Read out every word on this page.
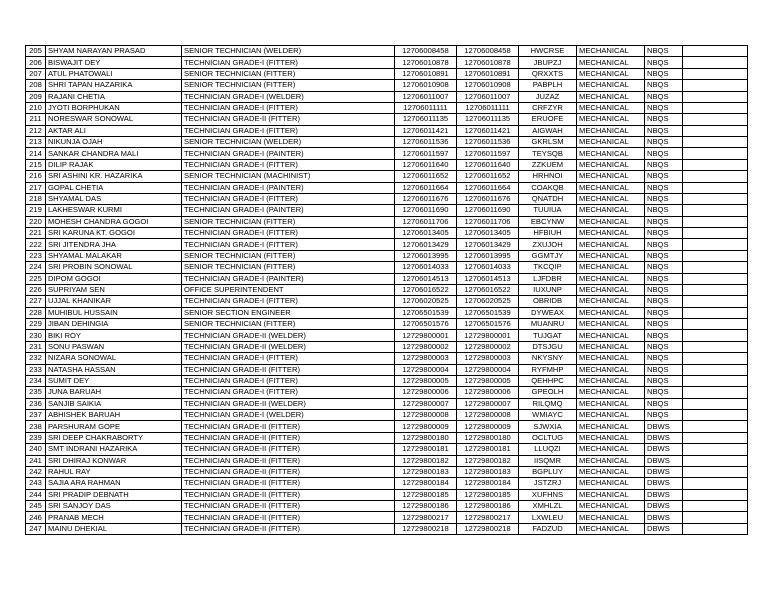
205	SHYAM NARAYAN PRASAD	SENIOR TECHNICIAN (WELDER)	12706008458	12706008458	HWCRSE	MECHANICAL	NBQS	
206	BISWAJIT DEY	TECHNICIAN GRADE-I (FITTER)	12706010878	12706010878	JBUPZJ	MECHANICAL	NBQS	
207	ATUL PHATOWALI	SENIOR TECHNICIAN (FITTER)	12706010891	12706010891	QRXXTS	MECHANICAL	NBQS	
208	SHRI TAPAN HAZARIKA	SENIOR TECHNICIAN (FITTER)	12706010908	12706010908	PABPLH	MECHANICAL	NBQS	
209	RAJANI CHETIA	TECHNICIAN GRADE-I (WELDER)	12706011007	12706011007	JUZAZ	MECHANICAL	NBQS	
210	JYOTI BORPHUKAN	TECHNICIAN GRADE-I (FITTER)	12706011111	12706011111	CRFZYR	MECHANICAL	NBQS	
211	NORESWAR SONOWAL	TECHNICIAN GRADE-II (FITTER)	12706011135	12706011135	ERUOFE	MECHANICAL	NBQS	
212	AKTAR ALI	TECHNICIAN GRADE-I (FITTER)	12706011421	12706011421	AIGWAH	MECHANICAL	NBQS	
213	NIKUNJA OJAH	SENIOR TECHNICIAN (WELDER)	12706011536	12706011536	GKRLSM	MECHANICAL	NBQS	
214	SANKAR CHANDRA MALI	TECHNICIAN GRADE-I (PAINTER)	12706011597	12706011597	TEYSQB	MECHANICAL	NBQS	
215	DILIP RAJAK	TECHNICIAN GRADE-I (FITTER)	12706011640	12706011640	ZZKUEM	MECHANICAL	NBQS	
216	SRI ASHINI KR. HAZARIKA	SENIOR TECHNICIAN (MACHINIST)	12706011652	12706011652	HRHNOI	MECHANICAL	NBQS	
217	GOPAL CHETIA	TECHNICIAN GRADE-I (PAINTER)	12706011664	12706011664	COAKQB	MECHANICAL	NBQS	
218	SHYAMAL DAS	TECHNICIAN GRADE-I (FITTER)	12706011676	12706011676	QNATDH	MECHANICAL	NBQS	
219	LAKHESWAR KURMI	TECHNICIAN GRADE-I (PAINTER)	12706011690	12706011690	TUUIUA	MECHANICAL	NBQS	
220	MOHESH CHANDRA GOGOI	SENIOR TECHNICIAN (FITTER)	12706011706	12706011706	EBCYNW	MECHANICAL	NBQS	
221	SRI KARUNA KT. GOGOI	TECHNICIAN GRADE-I (FITTER)	12706013405	12706013405	HFBIUH	MECHANICAL	NBQS	
222	SRI JITENDRA JHA	TECHNICIAN GRADE-I (FITTER)	12706013429	12706013429	ZXUJOH	MECHANICAL	NBQS	
223	SHYAMAL MALAKAR	SENIOR TECHNICIAN (FITTER)	12706013995	12706013995	GGMTJY	MECHANICAL	NBQS	
224	SRI PROBIN SONOWAL	SENIOR TECHNICIAN (FITTER)	12706014033	12706014033	TKCQIP	MECHANICAL	NBQS	
225	DIPOM GOGOI	TECHNICIAN GRADE-I (PAINTER)	12706014513	12706014513	LJFDBR	MECHANICAL	NBQS	
226	SUPRIYAM SEN	OFFICE SUPERINTENDENT	12706016522	12706016522	IUXUNP	MECHANICAL	NBQS	
227	UJJAL KHANIKAR	TECHNICIAN GRADE-I (FITTER)	12706020525	12706020525	OBRIDB	MECHANICAL	NBQS	
228	MUHIBUL HUSSAIN	SENIOR SECTION ENGINEER	12706501539	12706501539	DYWEAX	MECHANICAL	NBQS	
229	JIBAN DEHINGIA	SENIOR TECHNICIAN (FITTER)	12706501576	12706501576	MUANRU	MECHANICAL	NBQS	
230	BIKI ROY	TECHNICIAN GRADE-II (WELDER)	12729800001	12729800001	TUJGAT	MECHANICAL	NBQS	
231	SONU PASWAN	TECHNICIAN GRADE-II (WELDER)	12729800002	12729800002	DTSJGU	MECHANICAL	NBQS	
232	NIZARA SONOWAL	TECHNICIAN GRADE-I (FITTER)	12729800003	12729800003	NKYSNY	MECHANICAL	NBQS	
233	NATASHA HASSAN	TECHNICIAN GRADE-II (FITTER)	12729800004	12729800004	RYFMHP	MECHANICAL	NBQS	
234	SUMIT DEY	TECHNICIAN GRADE-I (FITTER)	12729800005	12729800005	QEHHPC	MECHANICAL	NBQS	
235	JUNA BARUAH	TECHNICIAN GRADE-I (FITTER)	12729800006	12729800006	GPEOLH	MECHANICAL	NBQS	
236	SANJIB SAIKIA	TECHNICIAN GRADE-II (WELDER)	12729800007	12729800007	RILQMQ	MECHANICAL	NBQS	
237	ABHISHEK BARUAH	TECHNICIAN GRADE-I (WELDER)	12729800008	12729800008	WMIAYC	MECHANICAL	NBQS	
238	PARSHURAM GOPE	TECHNICIAN GRADE-II (FITTER)	12729800009	12729800009	SJWXIA	MECHANICAL	DBWS	
239	SRI DEEP CHAKRABORTY	TECHNICIAN GRADE-II (FITTER)	12729800180	12729800180	OCLTUG	MECHANICAL	DBWS	
240	SMT INDRANI HAZARIKA	TECHNICIAN GRADE-II (FITTER)	12729800181	12729800181	LLUQZI	MECHANICAL	DBWS	
241	SRI DHIRAJ KONWAR	TECHNICIAN GRADE-II (FITTER)	12729800182	12729800182	IISQMR	MECHANICAL	DBWS	
242	RAHUL RAY	TECHNICIAN GRADE-II (FITTER)	12729800183	12729800183	BGPLUY	MECHANICAL	DBWS	
243	SAJIA ARA RAHMAN	TECHNICIAN GRADE-II (FITTER)	12729800184	12729800184	JSTZRJ	MECHANICAL	DBWS	
244	SRI PRADIP DEBNATH	TECHNICIAN GRADE-II (FITTER)	12729800185	12729800185	XUFHNS	MECHANICAL	DBWS	
245	SRI SANJOY DAS	TECHNICIAN GRADE-II (FITTER)	12729800186	12729800186	XMHLZL	MECHANICAL	DBWS	
246	PRANAB MECH	TECHNICIAN GRADE-II (FITTER)	12729800217	12729800217	LXWLEU	MECHANICAL	DBWS	
247	MAINU DHEKIAL	TECHNICIAN GRADE-II (FITTER)	12729800218	12729800218	FADZUD	MECHANICAL	DBWS	
